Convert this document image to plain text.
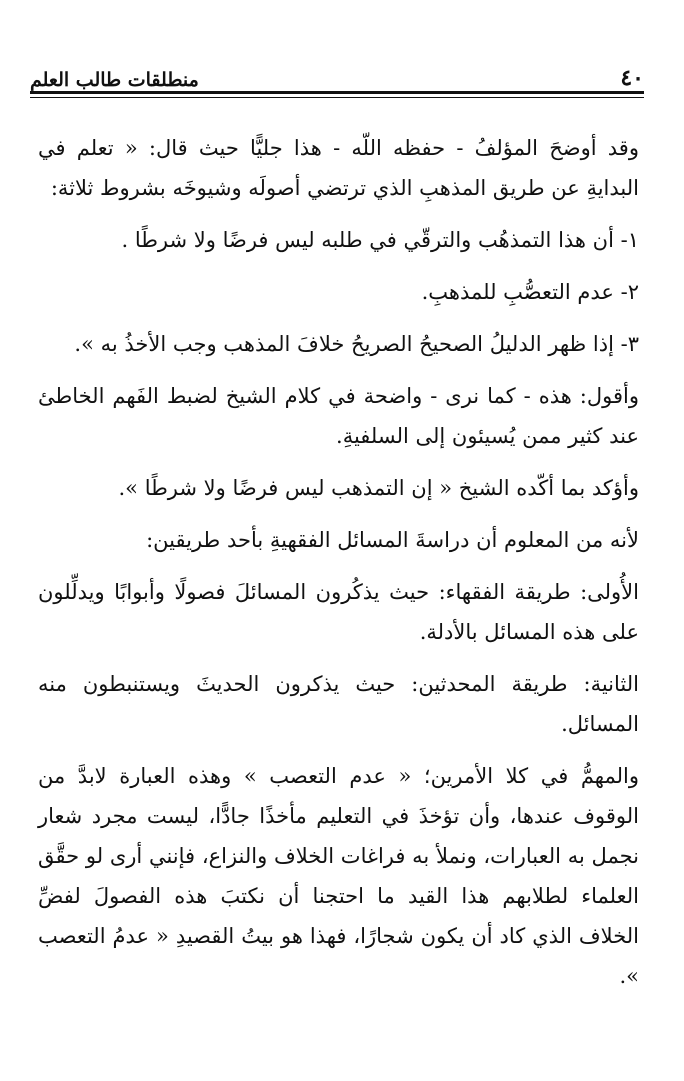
٤٠
منطلقات طالب العلم

وقد أوضحَ المؤلفُ - حفظه اللّه - هذا جليًّا حيث قال: « تعلم في البدايةِ عن طريق المذهبِ الذي ترتضي أصولَه وشيوخَه بشروط ثلاثة:

١- أن هذا التمذهُب والترقّي في طلبه ليس فرضًا ولا شرطًا .

٢- عدم التعصُّبِ للمذهبِ.

٣- إذا ظهر الدليلُ الصحيحُ الصريحُ خلافَ المذهب وجب الأخذُ به ».

وأقول: هذه - كما نرى - واضحة في كلام الشيخ لضبط الفَهم الخاطئ عند كثير ممن يُسيئون إلى السلفيةِ.

وأؤكد بما أكّده الشيخ « إن التمذهب ليس فرضًا ولا شرطًا ».

لأنه من المعلوم أن دراسةَ المسائل الفقهيةِ بأحد طريقين:

الأُولى: طريقة الفقهاء: حيث يذكُرون المسائلَ فصولًا وأبوابًا ويدلِّلون على هذه المسائل بالأدلة.

الثانية: طريقة المحدثين: حيث يذكرون الحديثَ ويستنبطون منه المسائل.

والمهمُّ في كلا الأمرين؛ « عدم التعصب » وهذه العبارة لابدَّ من الوقوف عندها، وأن تؤخذَ في التعليم مأخذًا جادًّا، ليست مجرد شعار نجمل به العبارات، ونملأ به فراغات الخلاف والنزاع، فإنني أرى لو حقَّق العلماء لطلابهم هذا القيد ما احتجنا أن نكتبَ هذه الفصولَ لفضِّ الخلاف الذي كاد أن يكون شجارًا، فهذا هو بيتُ القصيدِ « عدمُ التعصب ».
